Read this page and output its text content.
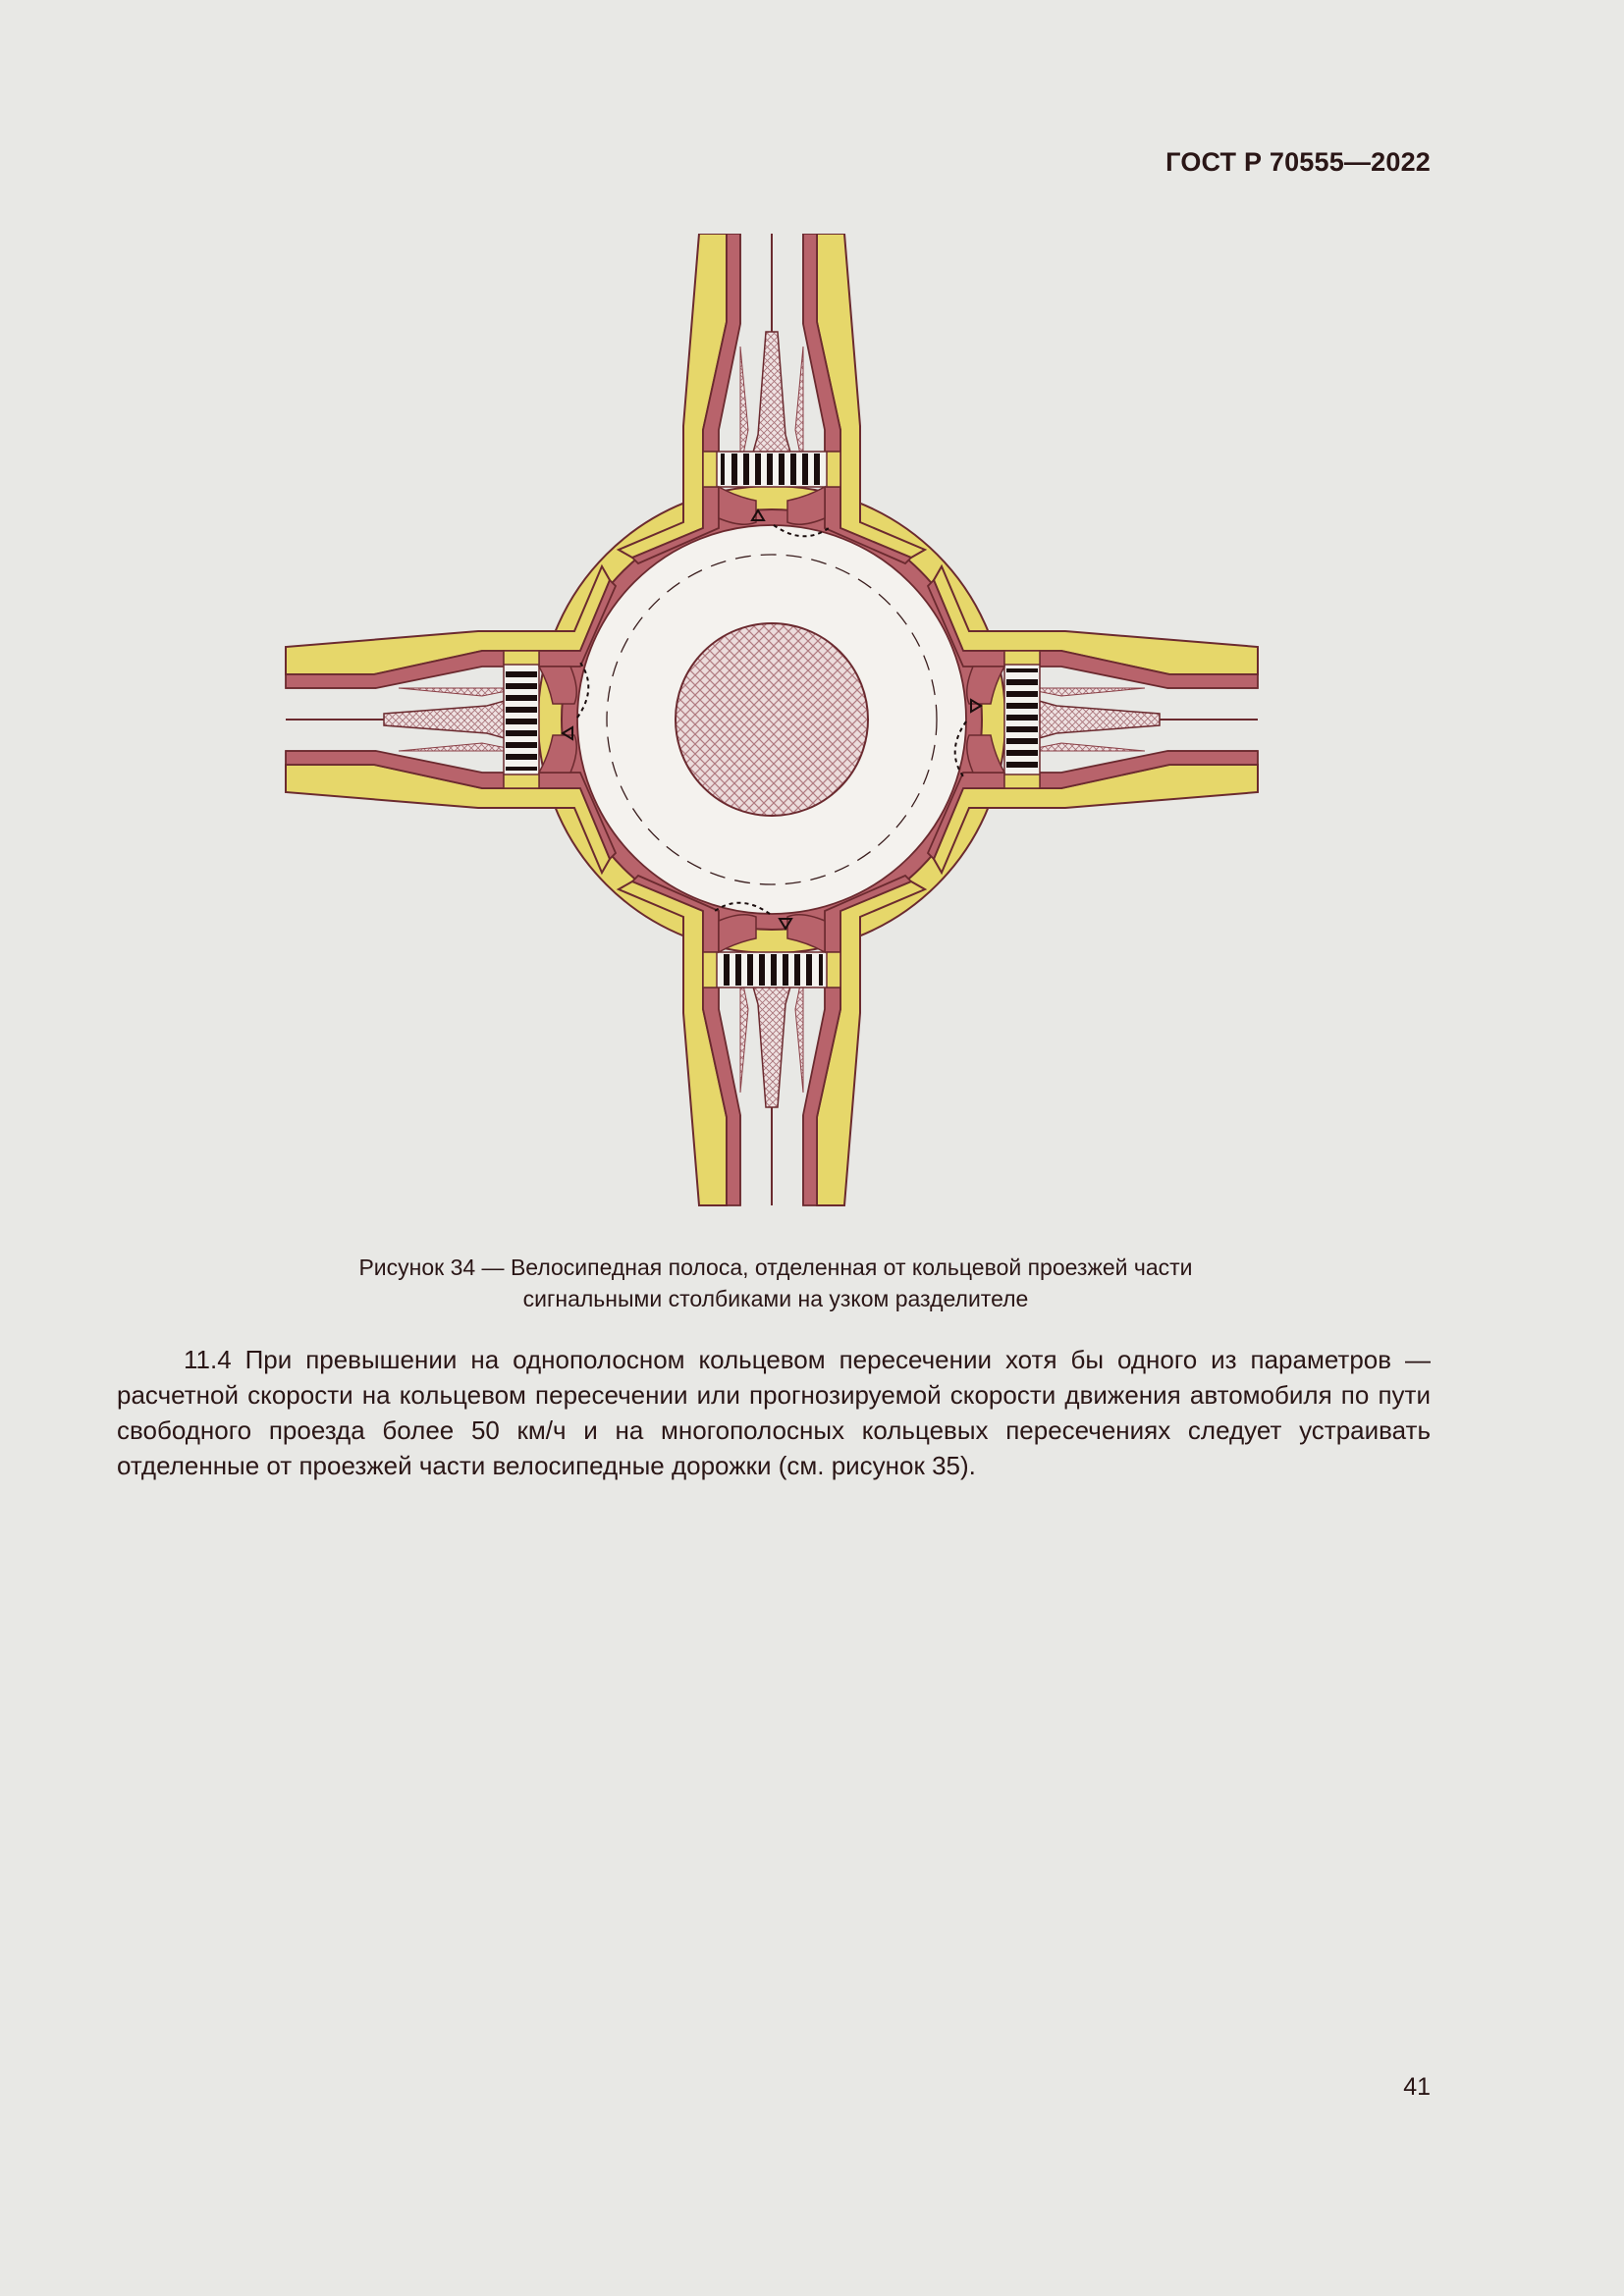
ГОСТ Р 70555—2022
Рисунок 34 — Велосипедная полоса, отделенная от кольцевой проезжей части
сигнальными столбиками на узком разделителе

11.4 При превышении на однополосном кольцевом пересечении хотя бы одного из параметров — расчетной скорости на кольцевом пересечении или прогнозируемой скорости движения автомобиля по пути свободного проезда более 50 км/ч и на многополосных кольцевых пересечениях следует устраивать отделенные от проезжей части велосипедные дорожки (см. рисунок 35).

41
